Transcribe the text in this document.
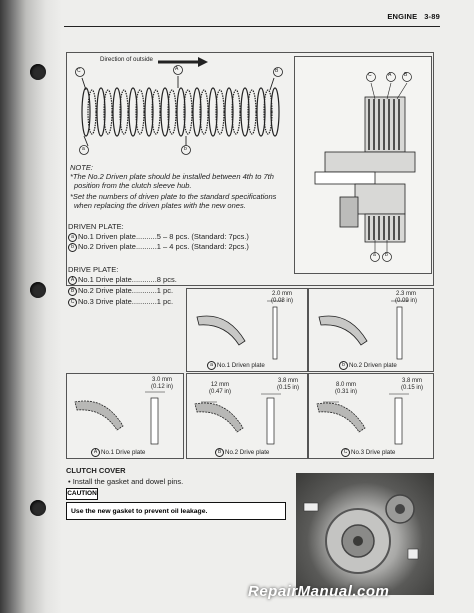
ENGINE 3-89
Direction of outside
C	A	B
a	b
NOTE:
*The No.2 Driven plate should be installed between 4th to 7th
position from the clutch sleeve hub.
*Set the numbers of driven plate to the standard specifications
when replacing the driven plates with the new ones.
DRIVEN PLATE:
a No.1 Driven plate..........5 – 8 pcs. (Standard: 7pcs.)
b No.2 Driven plate..........1 – 4 pcs. (Standard: 2pcs.)
DRIVE PLATE:
A No.1 Drive plate............8 pcs.
B No.2 Drive plate............1 pc.
C No.3 Drive plate............1 pc.
C	A	B
a b
2.0 mm
(0.08 in)
a No.1 Driven plate
2.3 mm
(0.09 in)
b No.2 Driven plate
3.0 mm
(0.12 in)
A No.1 Drive plate
12 mm
(0.47 in)
3.8 mm
(0.15 in)
B No.2 Drive plate
8.0 mm
(0.31 in)
3.8 mm
(0.15 in)
C No.3 Drive plate
CLUTCH COVER
• Install the gasket and dowel pins.
CAUTION
Use the new gasket to prevent oil leakage.
RepairManual.com
